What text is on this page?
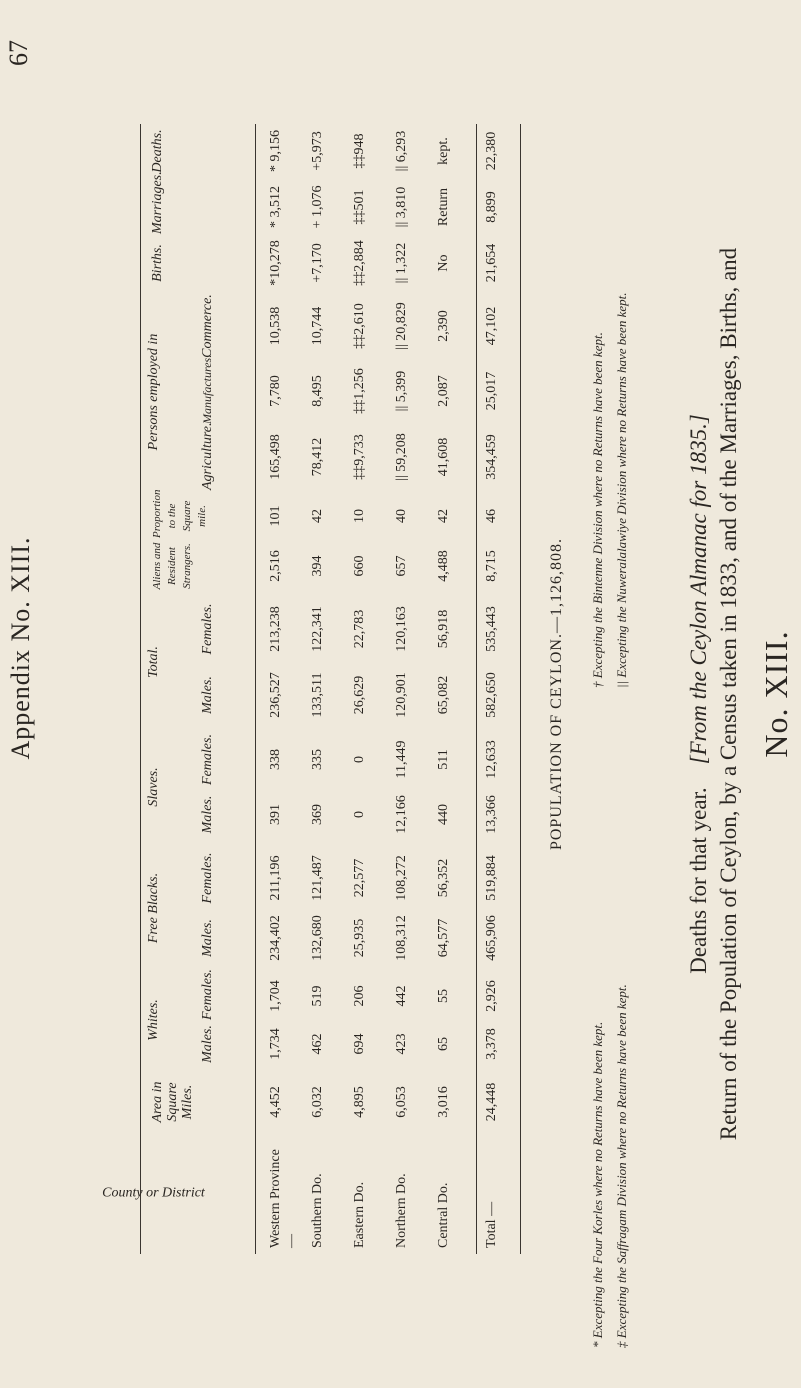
Appendix No. XIII.
67
No. XIII.
Return of the Population of Ceylon, by a Census taken in 1833, and of the Marriages, Births, and
Deaths for that year.    [From the Ceylon Almanac for 1835.]
County or District
Area in Square Miles.
Whites.
Free Blacks.
Slaves.
Total.
Aliens and Resident Strangers.
Proportion to the Square mile.
Persons employed in
Births.
Marriages.
Deaths.
Males.
Females.
Males.
Females.
Males.
Females.
Males.
Females.
Agriculture.
Manufactures.
Commerce.
Western Province —
4,452
1,734
1,704
234,402
211,196
391
338
236,527
213,238
2,516
101
165,498
7,780
10,538
*10,278
* 3,512
* 9,156
Southern Do.
6,032
462
519
132,680
121,487
369
335
133,511
122,341
394
42
78,412
8,495
10,744
+7,170
+ 1,076
+5,973
Eastern Do.
4,895
694
206
25,935
22,577
0
0
26,629
22,783
660
10
‡‡9,733
‡‡1,256
‡‡2,610
‡‡2,884
‡‡501
‡‡948
Northern Do.
6,053
423
442
108,312
108,272
12,166
11,449
120,901
120,163
657
40
|| 59,208
|| 5,399
|| 20,829
|| 1,322
|| 3,810
|| 6,293
Central Do.
3,016
65
55
64,577
56,352
440
511
65,082
56,918
4,488
42
41,608
2,087
2,390
No
Return
kept.
Total —
24,448
3,378
2,926
465,906
519,884
13,366
12,633
582,650
535,443
8,715
46
354,459
25,017
47,102
21,654
8,899
22,380
POPULATION OF CEYLON.—1,126,808.
* Excepting the Four Korles where no Returns have been kept.
† Excepting the Bintenne Division where no Returns have been kept.
‡ Excepting the Saffragam Division where no Returns have been kept.
|| Excepting the Nuweralalawiye Division where no Returns have been kept.
